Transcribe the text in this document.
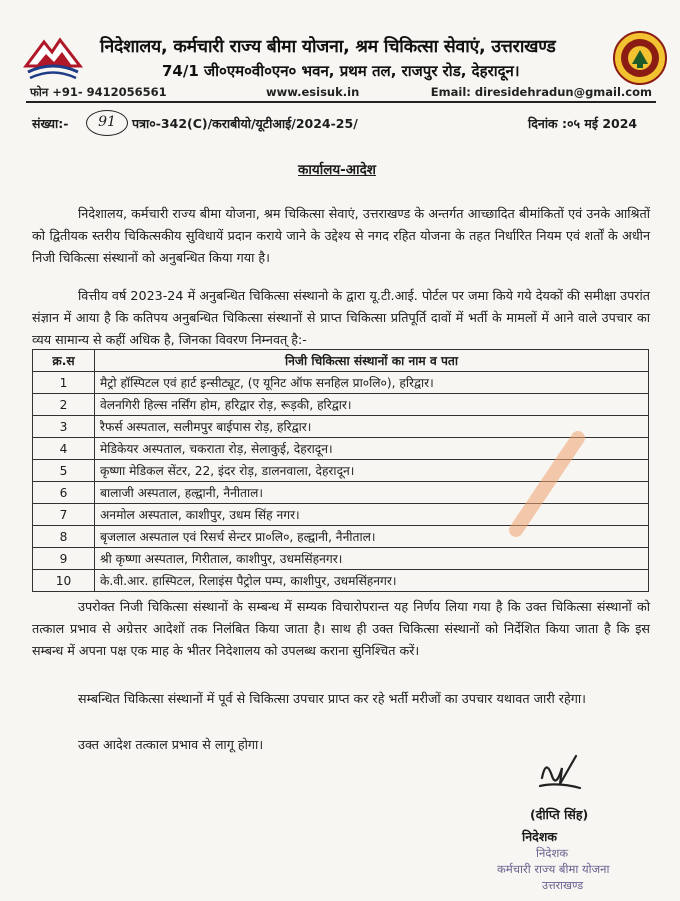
निदेशालय, कर्मचारी राज्य बीमा योजना, श्रम चिकित्सा सेवाएं, उत्तराखण्ड
74/1 जी०एम०वी०एन० भवन, प्रथम तल, राजपुर रोड, देहरादून।
फोन +91- 9412056561	www.esisuk.in	Email: diresidehradun@gmail.com
संख्या:-	91	पत्रा०-342(C)/कराबीयो/यूटीआई/2024-25/	दिनांक :०५ मई 2024
कार्यालय-आदेश

निदेशालय, कर्मचारी राज्य बीमा योजना, श्रम चिकित्सा सेवाएं, उत्तराखण्ड के अन्तर्गत आच्छादित बीमांकितों एवं उनके आश्रितों को द्वितीयक स्तरीय चिकित्सकीय सुविधायें प्रदान कराये जाने के उद्देश्य से नगद रहित योजना के तहत निर्धारित नियम एवं शर्तों के अधीन निजी चिकित्सा संस्थानों को अनुबन्धित किया गया है।

वित्तीय वर्ष 2023-24 में अनुबन्धित चिकित्सा संस्थानो के द्वारा यू.टी.आई. पोर्टल पर जमा किये गये देयकों की समीक्षा उपरांत संज्ञान में आया है कि कतिपय अनुबन्धित चिकित्सा संस्थानों से प्राप्त चिकित्सा प्रतिपूर्ति दावों में भर्ती के मामलों में आने वाले उपचार का व्यय सामान्य से कहीं अधिक है, जिनका विवरण निम्नवत् है:-

क्र.स	निजी चिकित्सा संस्थानों का नाम व पता
1	मैट्रो हॉस्पिटल एवं हार्ट इन्सीट्यूट, (ए यूनिट ऑफ सनहिल प्रा०लि०), हरिद्वार।
2	वेलनगिरी हिल्स नर्सिंग होम, हरिद्वार रोड़, रूड़की, हरिद्वार।
3	रैफर्स अस्पताल, सलीमपुर बाईपास रोड़, हरिद्वार।
4	मेडिकेयर अस्पताल, चकराता रोड़, सेलाकुई, देहरादून।
5	कृष्णा मेडिकल सेंटर, 22, इंदर रोड़, डालनवाला, देहरादून।
6	बालाजी अस्पताल, हल्द्वानी, नैनीताल।
7	अनमोल अस्पताल, काशीपुर, उधम सिंह नगर।
8	बृजलाल अस्पताल एवं रिसर्च सेन्टर प्रा०लि०, हल्द्वानी, नैनीताल।
9	श्री कृष्णा अस्पताल, गिरीताल, काशीपुर, उधमसिंहनगर।
10	के.वी.आर. हास्पिटल, रिलाइंस पैट्रोल पम्प, काशीपुर, उधमसिंहनगर।

उपरोक्त निजी चिकित्सा संस्थानों के सम्बन्ध में सम्यक विचारोपरान्त यह निर्णय लिया गया है कि उक्त चिकित्सा संस्थानों को तत्काल प्रभाव से अग्रेत्तर आदेशों तक निलंबित किया जाता है। साथ ही उक्त चिकित्सा संस्थानों को निर्देशित किया जाता है कि इस सम्बन्ध में अपना पक्ष एक माह के भीतर निदेशालय को उपलब्ध कराना सुनिश्चित करें।

सम्बन्धित चिकित्सा संस्थानों में पूर्व से चिकित्सा उपचार प्राप्त कर रहे भर्ती मरीजों का उपचार यथावत जारी रहेगा।

उक्त आदेश तत्काल प्रभाव से लागू होगा।

(दीप्ति सिंह)
निदेशक
निदेशक
कर्मचारी राज्य बीमा योजना
उत्तराखण्ड
